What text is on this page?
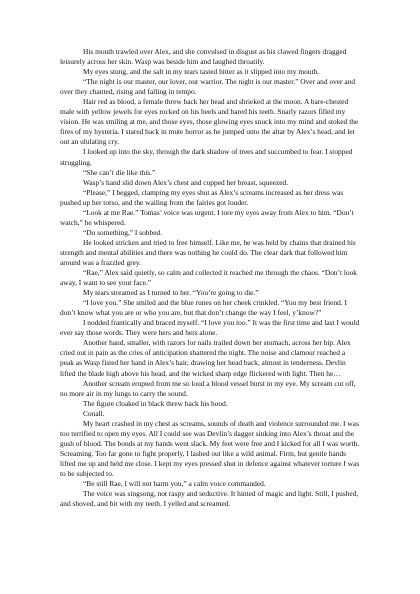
His mouth trawled over Alex, and she convulsed in disgust as his clawed fingers dragged leisurely across her skin. Wasp was beside him and laughed throatily.

My eyes stung, and the salt in my tears tasted bitter as it slipped into my mouth.

“The night is our master, our lover, our warrior. The night is our master.” Over and over and over they chanted, rising and falling in tempo.

Hair red as blood, a female threw back her head and shrieked at the moon. A bare-chested male with yellow jewels for eyes rocked on his heels and bared his teeth. Snarly razors filled my vision. He was smiling at me, and those eyes, those glowing eyes snuck into my mind and stoked the fires of my hysteria. I stared back in mute horror as he jumped onto the altar by Alex’s head, and let out an ululating cry.

I looked up into the sky, through the dark shadow of trees and succumbed to fear. I stopped struggling.

“She can’t die like this.”

Wasp’s hand slid down Alex’s chest and cupped her breast, squeezed.

“Please,” I begged, clamping my eyes shut as Alex’s screams increased as her dress was pushed up her torso, and the wailing from the fairies got louder.

“Look at me Rae.” Tomas’ voice was urgent. I tore my eyes away from Alex to him. “Don’t watch,” he whispered.

“Do something,” I sobbed.

He looked stricken and tried to free himself. Like me, he was held by chains that drained his strength and mental abilities and there was nothing he could do. The clear dark that followed him around was a frazzled grey.

“Rae,” Alex said quietly, so calm and collected it reached me through the chaos. “Don’t look away, I want to see your face.”

My tears streamed as I turned to her. “You’re going to die.”

“I love you.” She smiled and the blue runes on her cheek crinkled. “You my best friend. I don’t know what you are or who you are, but that don’t change the way I feel, y’know?”

I nodded frantically and braced myself. “I love you too.” It was the first time and last I would ever say those words. They were hers and hers alone.

Another hand, smaller, with razors for nails trailed down her stomach, across her hip. Alex cried out in pain as the cries of anticipation shattered the night. The noise and clamour reached a peak as Wasp fisted her hand in Alex’s hair, drawing her head back, almost in tenderness. Devlin lifted the blade high above his head, and the wicked sharp edge flickered with light. Then he…

Another scream erupted from me so loud a blood vessel burst in my eye. My scream cut off, no more air in my lungs to carry the sound.

The figure cloaked in black threw back his hood.

Conall.

My heart crashed in my chest as screams, sounds of death and violence surrounded me. I was too terrified to open my eyes. All I could see was Devlin’s dagger sinking into Alex’s throat and the gush of blood. The bonds at my hands went slack. My feet were free and I kicked for all I was worth. Screaming. Too far gone to fight properly, I lashed out like a wild animal. Firm, but gentle hands lifted me up and held me close. I kept my eyes pressed shut in defence against whatever torture I was to be subjected to.

“Be still Rae, I will not harm you,” a calm voice commanded.

The voice was singsong, not raspy and seductive. It hinted of magic and light. Still, I pushed, and shoved, and bit with my teeth. I yelled and screamed.
